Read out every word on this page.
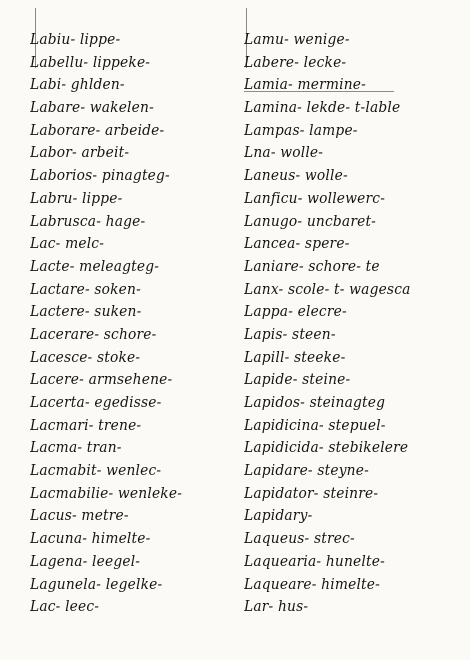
Labiu- lippe-
Labellu- lippeke-
Labi- ghlden-
Labare- wakelen-
Laborare- arbeide-
Labor- arbeit-
Laborios- pinagteg-
Labru- lippe-
Labrusca- hage-
Lac- melc-
Lacte- meleagteg-
Lactare- soken-
Lactere- suken-
Lacerare- schore-
Lacesce- stoke-
Lacere- armsehene-
Lacerta- egedisse-
Lacmari- trene-
Lacma- tran-
Lacmabit- wenlec-
Lacmabilie- wenleke-
Lacus- metre-
Lacuna- himelte-
Lagena- leegel-
Lagunela- legelke-
Lac- leec-
Lamu- wenige-
Labere- lecke-
Lamia- mermine-
Lamina- lekde- t-lable
Lampas- lampe-
Lna- wolle-
Laneus- wolle-
Lanficu- wollewerc-
Lanugo- uncbaret-
Lancea- spere-
Laniare- schore- te
Lanx- scole- t- wagesca
Lappa- elecre-
Lapis- steen-
Lapill- steeke-
Lapide- steine-
Lapidos- steinagteg
Lapidicina- stepuel-
Lapidicida- stebikelere
Lapidare- steyne-
Lapidator- steinre-
Lapidary-
Laqueus- strec-
Laquearia- hunelte-
Laqueare- himelte-
Lar- hus-
